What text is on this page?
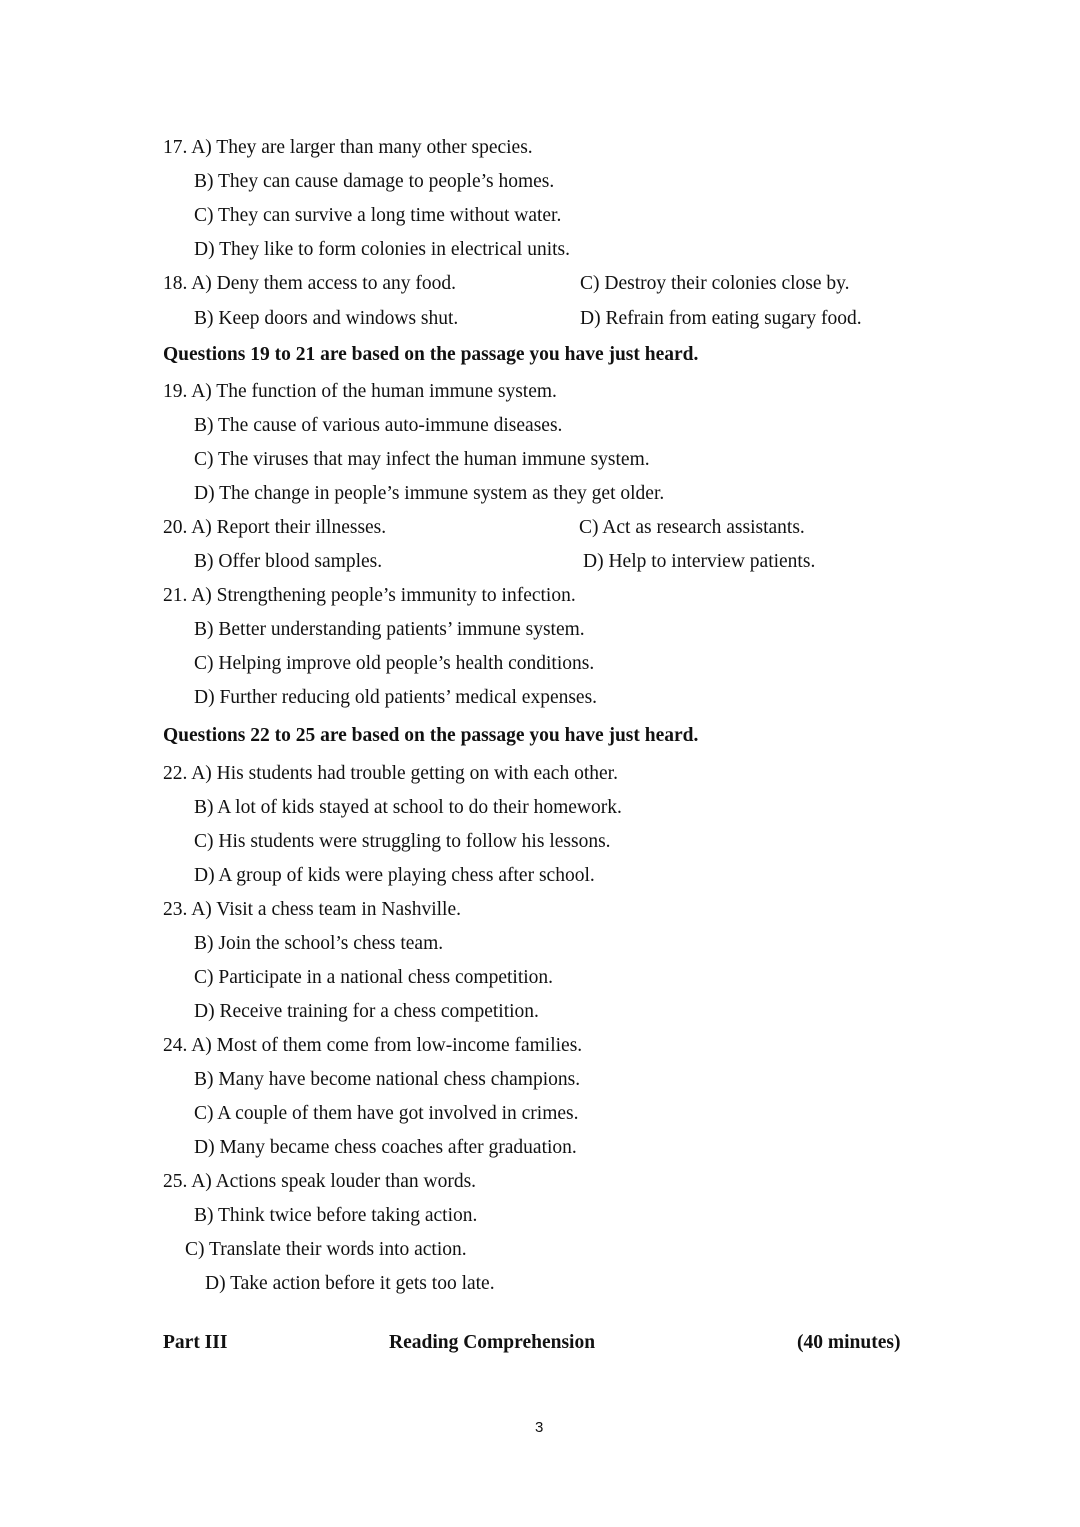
17. A) They are larger than many other species.
B) They can cause damage to people’s homes.
C) They can survive a long time without water.
D) They like to form colonies in electrical units.
18. A) Deny them access to any food.	C) Destroy their colonies close by.
B) Keep doors and windows shut.	D) Refrain from eating sugary food.
Questions 19 to 21 are based on the passage you have just heard.
19. A) The function of the human immune system.
B) The cause of various auto-immune diseases.
C) The viruses that may infect the human immune system.
D) The change in people’s immune system as they get older.
20. A) Report their illnesses.	C) Act as research assistants.
B) Offer blood samples.	D) Help to interview patients.
21. A) Strengthening people’s immunity to infection.
B) Better understanding patients’ immune system.
C) Helping improve old people’s health conditions.
D) Further reducing old patients’ medical expenses.
Questions 22 to 25 are based on the passage you have just heard.
22. A) His students had trouble getting on with each other.
B) A lot of kids stayed at school to do their homework.
C) His students were struggling to follow his lessons.
D) A group of kids were playing chess after school.
23. A) Visit a chess team in Nashville.
B) Join the school’s chess team.
C) Participate in a national chess competition.
D) Receive training for a chess competition.
24. A) Most of them come from low-income families.
B) Many have become national chess champions.
C) A couple of them have got involved in crimes.
D) Many became chess coaches after graduation.
25. A) Actions speak louder than words.
B) Think twice before taking action.
C) Translate their words into action.
D) Take action before it gets too late.
Part III	Reading Comprehension	(40 minutes)
3
